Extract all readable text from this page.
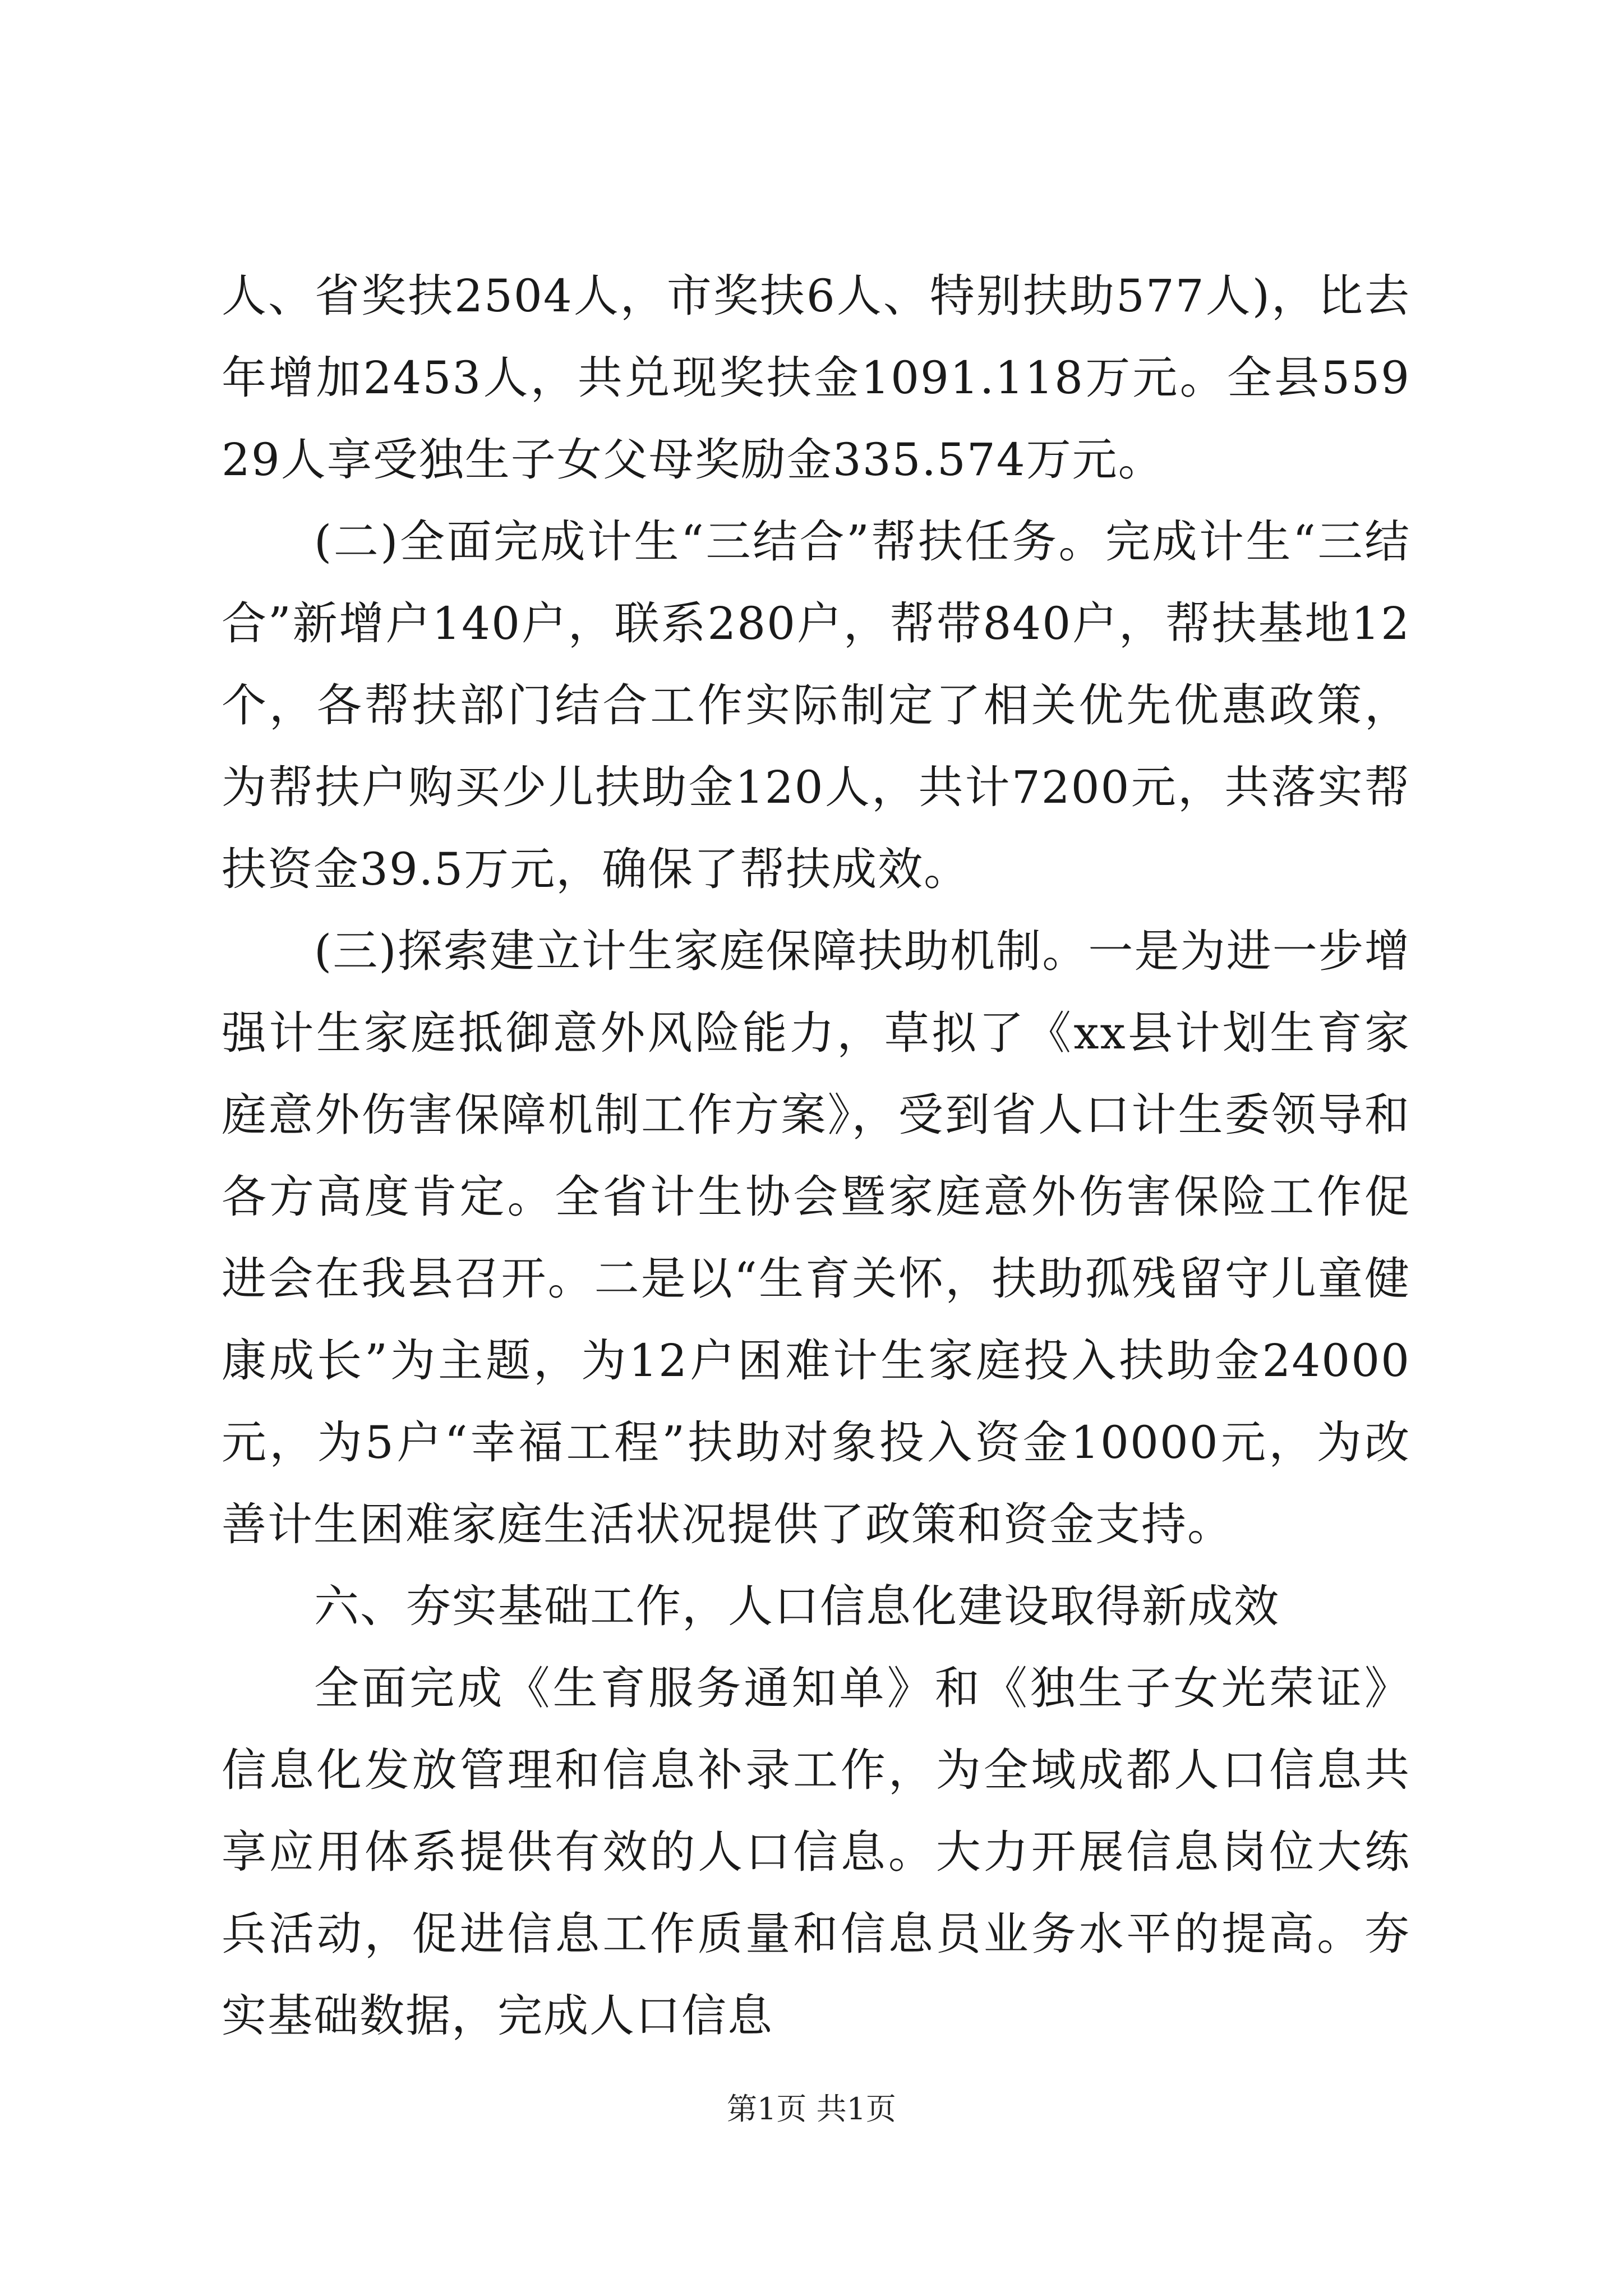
人、省奖扶2504人，市奖扶6人、特别扶助577人)，比去年增加2453人，共兑现奖扶金1091.118万元。全县55929人享受独生子女父母奖励金335.574万元。

(二)全面完成计生“三结合”帮扶任务。完成计生“三结合”新增户140户，联系280户，帮带840户，帮扶基地12个，各帮扶部门结合工作实际制定了相关优先优惠政策，为帮扶户购买少儿扶助金120人，共计7200元，共落实帮扶资金39.5万元，确保了帮扶成效。

(三)探索建立计生家庭保障扶助机制。一是为进一步增强计生家庭抵御意外风险能力，草拟了《xx县计划生育家庭意外伤害保障机制工作方案》，受到省人口计生委领导和各方高度肯定。全省计生协会暨家庭意外伤害保险工作促进会在我县召开。二是以“生育关怀，扶助孤残留守儿童健康成长”为主题，为12户困难计生家庭投入扶助金24000元，为5户“幸福工程”扶助对象投入资金10000元，为改善计生困难家庭生活状况提供了政策和资金支持。

六、夯实基础工作，人口信息化建设取得新成效

全面完成《生育服务通知单》和《独生子女光荣证》信息化发放管理和信息补录工作，为全域成都人口信息共享应用体系提供有效的人口信息。大力开展信息岗位大练兵活动，促进信息工作质量和信息员业务水平的提高。夯实基础数据，完成人口信息

第1页 共1页
